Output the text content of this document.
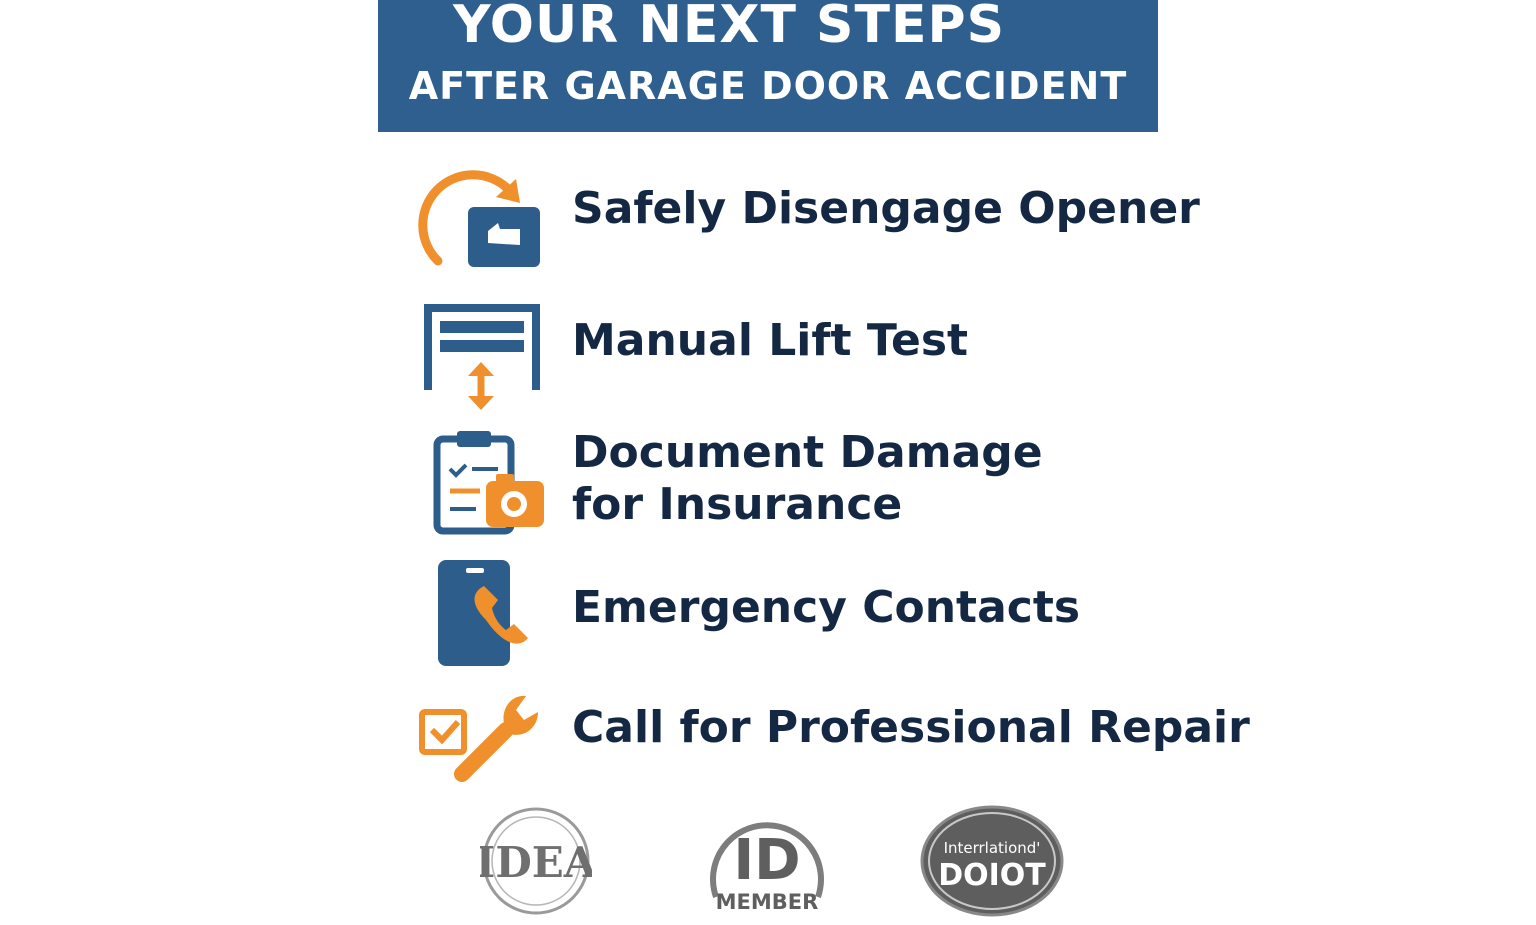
YOUR NEXT STEPS
AFTER GARAGE DOOR ACCIDENT
Safely Disengage Opener
Manual Lift Test
Document Damage
for Insurance
Emergency Contacts
Call for Professional Repair
IDEA ID
MEMBER
Interrlationd'
DOIOT
